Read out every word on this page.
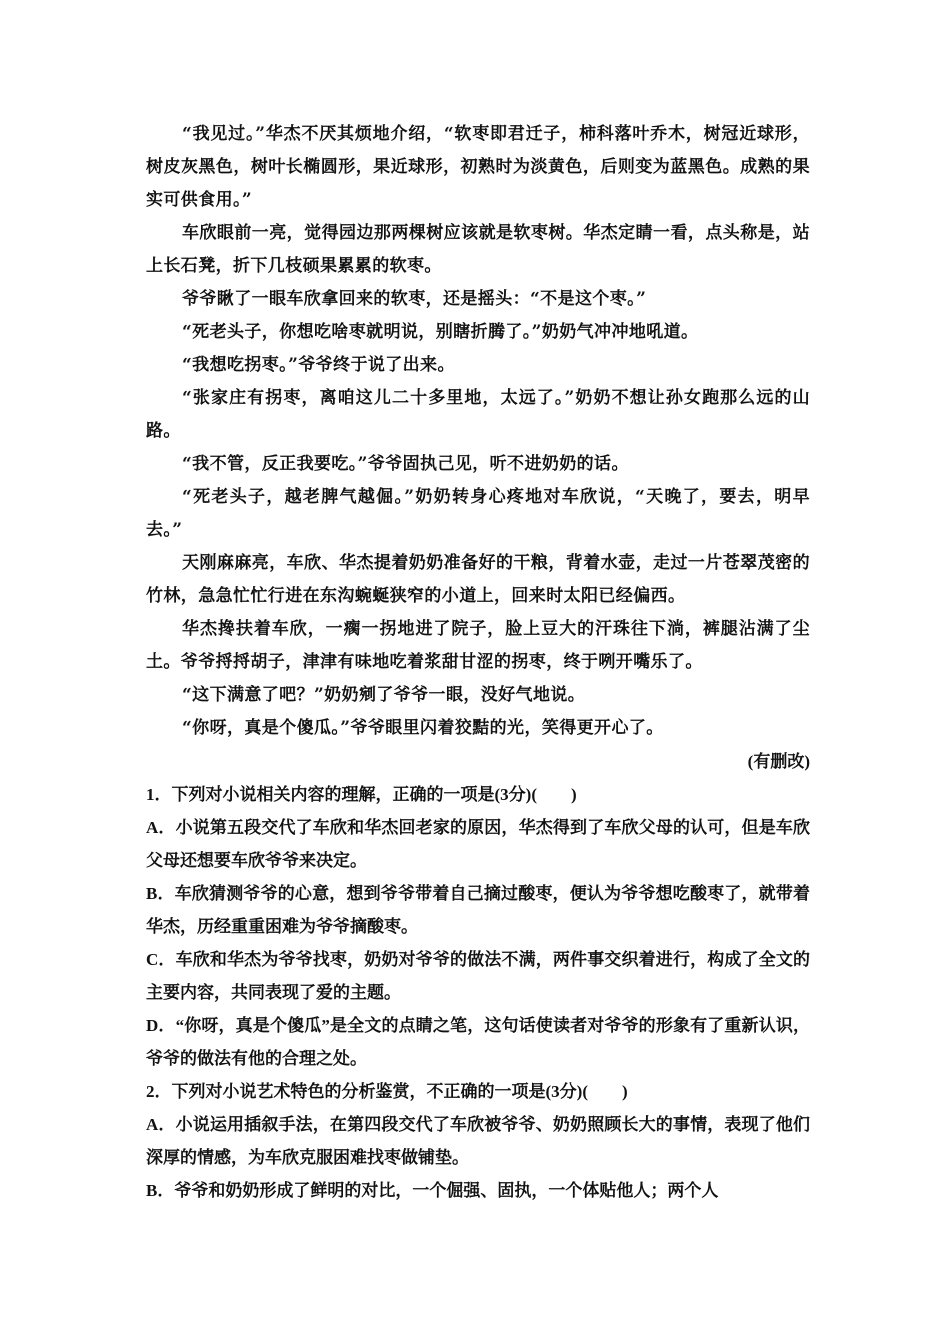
“我见过。”华杰不厌其烦地介绍，“软枣即君迁子，柿科落叶乔木，树冠近球形，树皮灰黑色，树叶长椭圆形，果近球形，初熟时为淡黄色，后则变为蓝黑色。成熟的果实可供食用。”

车欣眼前一亮，觉得园边那两棵树应该就是软枣树。华杰定睛一看，点头称是，站上长石凳，折下几枝硕果累累的软枣。

爷爷瞅了一眼车欣拿回来的软枣，还是摇头：“不是这个枣。”

“死老头子，你想吃啥枣就明说，别瞎折腾了。”奶奶气冲冲地吼道。

“我想吃拐枣。”爷爷终于说了出来。

“张家庄有拐枣，离咱这儿二十多里地，太远了。”奶奶不想让孙女跑那么远的山路。

“我不管，反正我要吃。”爷爷固执己见，听不进奶奶的话。

“死老头子，越老脾气越倔。”奶奶转身心疼地对车欣说，“天晚了，要去，明早去。”

天刚麻麻亮，车欣、华杰提着奶奶准备好的干粮，背着水壶，走过一片苍翠茂密的竹林，急急忙忙行进在东沟蜿蜒狭窄的小道上，回来时太阳已经偏西。

华杰搀扶着车欣，一瘸一拐地进了院子，脸上豆大的汗珠往下淌，裤腿沾满了尘土。爷爷捋捋胡子，津津有味地吃着浆甜甘涩的拐枣，终于咧开嘴乐了。

“这下满意了吧？”奶奶剜了爷爷一眼，没好气地说。

“你呀，真是个傻瓜。”爷爷眼里闪着狡黠的光，笑得更开心了。

(有删改)

1．下列对小说相关内容的理解，正确的一项是(3分)(　　)

A．小说第五段交代了车欣和华杰回老家的原因，华杰得到了车欣父母的认可，但是车欣父母还想要车欣爷爷来决定。

B．车欣猜测爷爷的心意，想到爷爷带着自己摘过酸枣，便认为爷爷想吃酸枣了，就带着华杰，历经重重困难为爷爷摘酸枣。

C．车欣和华杰为爷爷找枣，奶奶对爷爷的做法不满，两件事交织着进行，构成了全文的主要内容，共同表现了爱的主题。

D．“你呀，真是个傻瓜”是全文的点睛之笔，这句话使读者对爷爷的形象有了重新认识，爷爷的做法有他的合理之处。

2．下列对小说艺术特色的分析鉴赏，不正确的一项是(3分)(　　)

A．小说运用插叙手法，在第四段交代了车欣被爷爷、奶奶照顾长大的事情，表现了他们深厚的情感，为车欣克服困难找枣做铺垫。

B．爷爷和奶奶形成了鲜明的对比，一个倔强、固执，一个体贴他人；两个人
